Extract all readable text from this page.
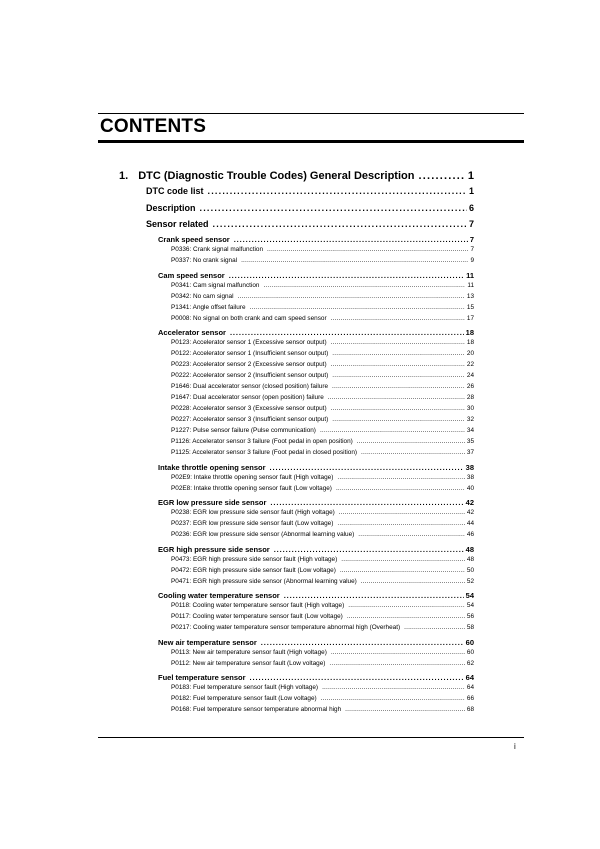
CONTENTS
1. DTC (Diagnostic Trouble Codes) General Description .....	1
DTC code list .....	1
Description .....	6
Sensor related .....	7
Crank speed sensor .....	7
P0336: Crank signal malfunction .....	7
P0337: No crank signal .....	9
Cam speed sensor .....	11
P0341: Cam signal malfunction .....	11
P0342: No cam signal .....	13
P1341: Angle offset failure .....	15
P0008: No signal on both crank and cam speed sensor .....	17
Accelerator sensor .....	18
P0123: Accelerator sensor 1 (Excessive sensor output) .....	18
P0122: Accelerator sensor 1 (Insufficient sensor output) .....	20
P0223: Accelerator sensor 2 (Excessive sensor output) .....	22
P0222: Accelerator sensor 2 (Insufficient sensor output) .....	24
P1646: Dual accelerator sensor (closed position) failure .....	26
P1647: Dual accelerator sensor (open position) failure .....	28
P0228: Accelerator sensor 3 (Excessive sensor output) .....	30
P0227: Accelerator sensor 3 (Insufficient sensor output) .....	32
P1227: Pulse sensor failure (Pulse communication) .....	34
P1126: Accelerator sensor 3 failure (Foot pedal in open position) .....	35
P1125: Accelerator sensor 3 failure (Foot pedal in closed position) .....	37
Intake throttle opening sensor .....	38
P02E9: Intake throttle opening sensor fault (High voltage) .....	38
P02E8: Intake throttle opening sensor fault (Low voltage) .....	40
EGR low pressure side sensor .....	42
P0238: EGR low pressure side sensor fault (High voltage) .....	42
P0237: EGR low pressure side sensor fault (Low voltage) .....	44
P0236: EGR low pressure side sensor (Abnormal learning value) .....	46
EGR high pressure side sensor .....	48
P0473: EGR high pressure side sensor fault (High voltage) .....	48
P0472: EGR high pressure side sensor fault (Low voltage) .....	50
P0471: EGR high pressure side sensor (Abnormal learning value) .....	52
Cooling water temperature sensor .....	54
P0118: Cooling water temperature sensor fault (High voltage) .....	54
P0117: Cooling water temperature sensor fault (Low voltage) .....	56
P0217: Cooling water temperature sensor temperature abnormal high (Overheat) .....	58
New air temperature sensor .....	60
P0113: New air temperature sensor fault (High voltage) .....	60
P0112: New air temperature sensor fault (Low voltage) .....	62
Fuel temperature sensor .....	64
P0183: Fuel temperature sensor fault (High voltage) .....	64
P0182: Fuel temperature sensor fault (Low voltage) .....	66
P0168: Fuel temperature sensor temperature abnormal high .....	68
i
